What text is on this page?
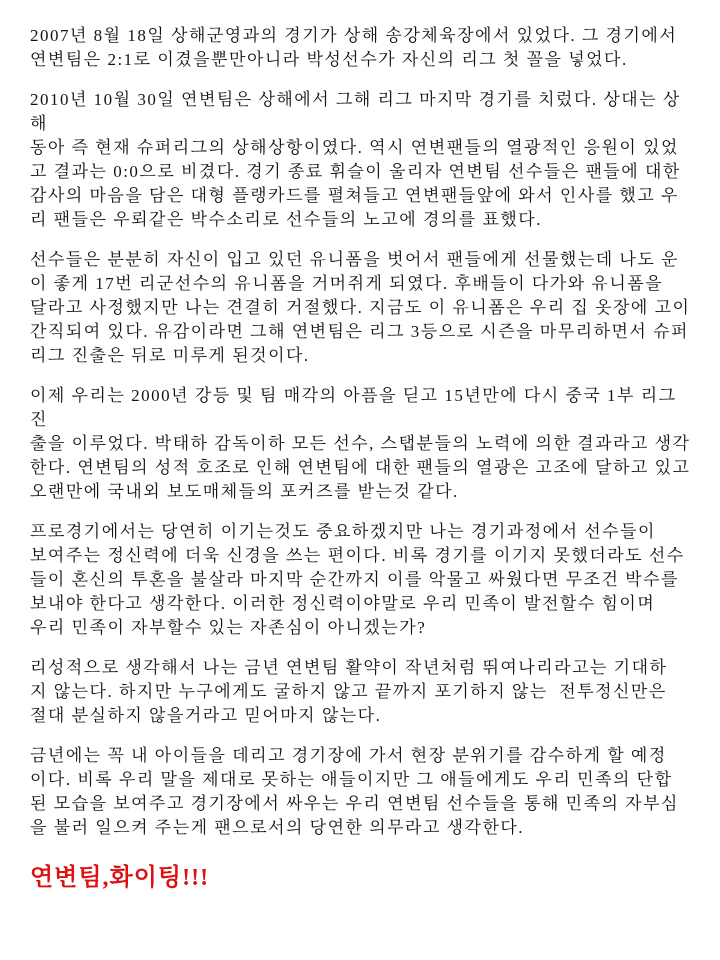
2007년 8월 18일 상해군영과의 경기가 상해 송강체육장에서 있었다. 그 경기에서
연변팀은 2:1로 이겼을뿐만아니라 박성선수가 자신의 리그 첫 꼴을 넣었다.
2010년 10월 30일 연변팀은 상해에서 그해 리그 마지막 경기를 치렀다. 상대는 상해
동아 즉 현재 슈퍼리그의 상해상항이였다. 역시 연변팬들의 열광적인 응원이 있었
고 결과는 0:0으로 비겼다. 경기 종료 휘슬이 울리자 연변팀 선수들은 팬들에 대한
감사의 마음을 담은 대형 플랭카드를 펼쳐들고 연변팬들앞에 와서 인사를 했고 우
리 팬들은 우뢰같은 박수소리로 선수들의 노고에 경의를 표했다.
선수들은 분분히 자신이 입고 있던 유니폼을 벗어서 팬들에게 선물했는데 나도 운
이 좋게 17번 리군선수의 유니폼을 거머쥐게 되였다. 후배들이 다가와 유니폼을
달라고 사정했지만 나는 견결히 거절했다. 지금도 이 유니폼은 우리 집 옷장에 고이
간직되여 있다. 유감이라면 그해 연변팀은 리그 3등으로 시즌을 마무리하면서 슈퍼
리그 진출은 뒤로 미루게 된것이다.
이제 우리는 2000년 강등 및 팀 매각의 아픔을 딛고 15년만에 다시 중국 1부 리그 진
출을 이루었다. 박태하 감독이하 모든 선수, 스탭분들의 노력에 의한 결과라고 생각
한다. 연변팀의 성적 호조로 인해 연변팀에 대한 팬들의 열광은 고조에 달하고 있고
오랜만에 국내외 보도매체들의 포커즈를 받는것 같다.
프로경기에서는 당연히 이기는것도 중요하겠지만 나는 경기과정에서 선수들이
보여주는 정신력에 더욱 신경을 쓰는 편이다. 비록 경기를 이기지 못했더라도 선수
들이 혼신의 투혼을 불살라 마지막 순간까지 이를 악물고 싸웠다면 무조건 박수를
보내야 한다고 생각한다. 이러한 정신력이야말로 우리 민족이 발전할수 힘이며
우리 민족이 자부할수 있는 자존심이 아니겠는가?
리성적으로 생각해서 나는 금년 연변팀 활약이 작년처럼 뛰여나리라고는 기대하
지 않는다. 하지만 누구에게도 굴하지 않고 끝까지 포기하지 않는  전투정신만은
절대 분실하지 않을거라고 믿어마지 않는다.
금년에는 꼭 내 아이들을 데리고 경기장에 가서 현장 분위기를 감수하게 할 예정
이다. 비록 우리 말을 제대로 못하는 애들이지만 그 애들에게도 우리 민족의 단합
된 모습을 보여주고 경기장에서 싸우는 우리 연변팀 선수들을 통해 민족의 자부심
을 불러 일으켜 주는게 팬으로서의 당연한 의무라고 생각한다.
연변팀,화이팅!!!
